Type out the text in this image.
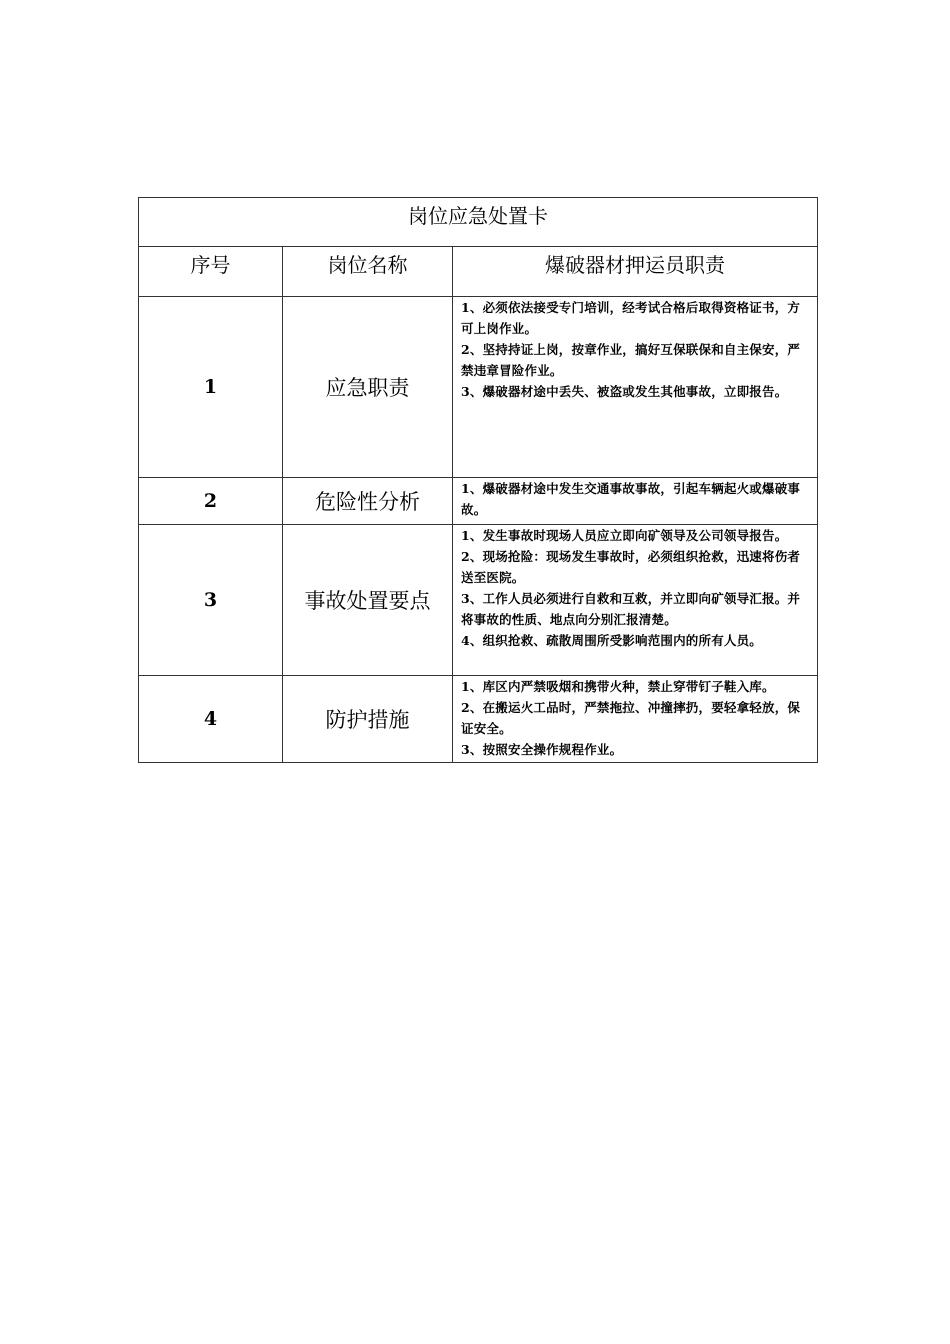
岗位应急处置卡		
序号	岗位名称	爆破器材押运员职责
1	应急职责	1、必须依法接受专门培训，经考试合格后取得资格证书，方可上岗作业。
2、坚持持证上岗，按章作业，搞好互保联保和自主保安，严禁违章冒险作业。
3、爆破器材途中丢失、被盗或发生其他事故，立即报告。

2	危险性分析	1、爆破器材途中发生交通事故事故，引起车辆起火或爆破事故。

3	事故处置要点	1、发生事故时现场人员应立即向矿领导及公司领导报告。
2、现场抢险：现场发生事故时，必须组织抢救，迅速将伤者送至医院。
3、工作人员必须进行自救和互救，并立即向矿领导汇报。并将事故的性质、地点向分别汇报清楚。
4、组织抢救、疏散周围所受影响范围内的所有人员。

4	防护措施	1、库区内严禁吸烟和携带火种，禁止穿带钉子鞋入库。
2、在搬运火工品时，严禁拖拉、冲撞摔扔，要轻拿轻放，保证安全。
3、按照安全操作规程作业。
